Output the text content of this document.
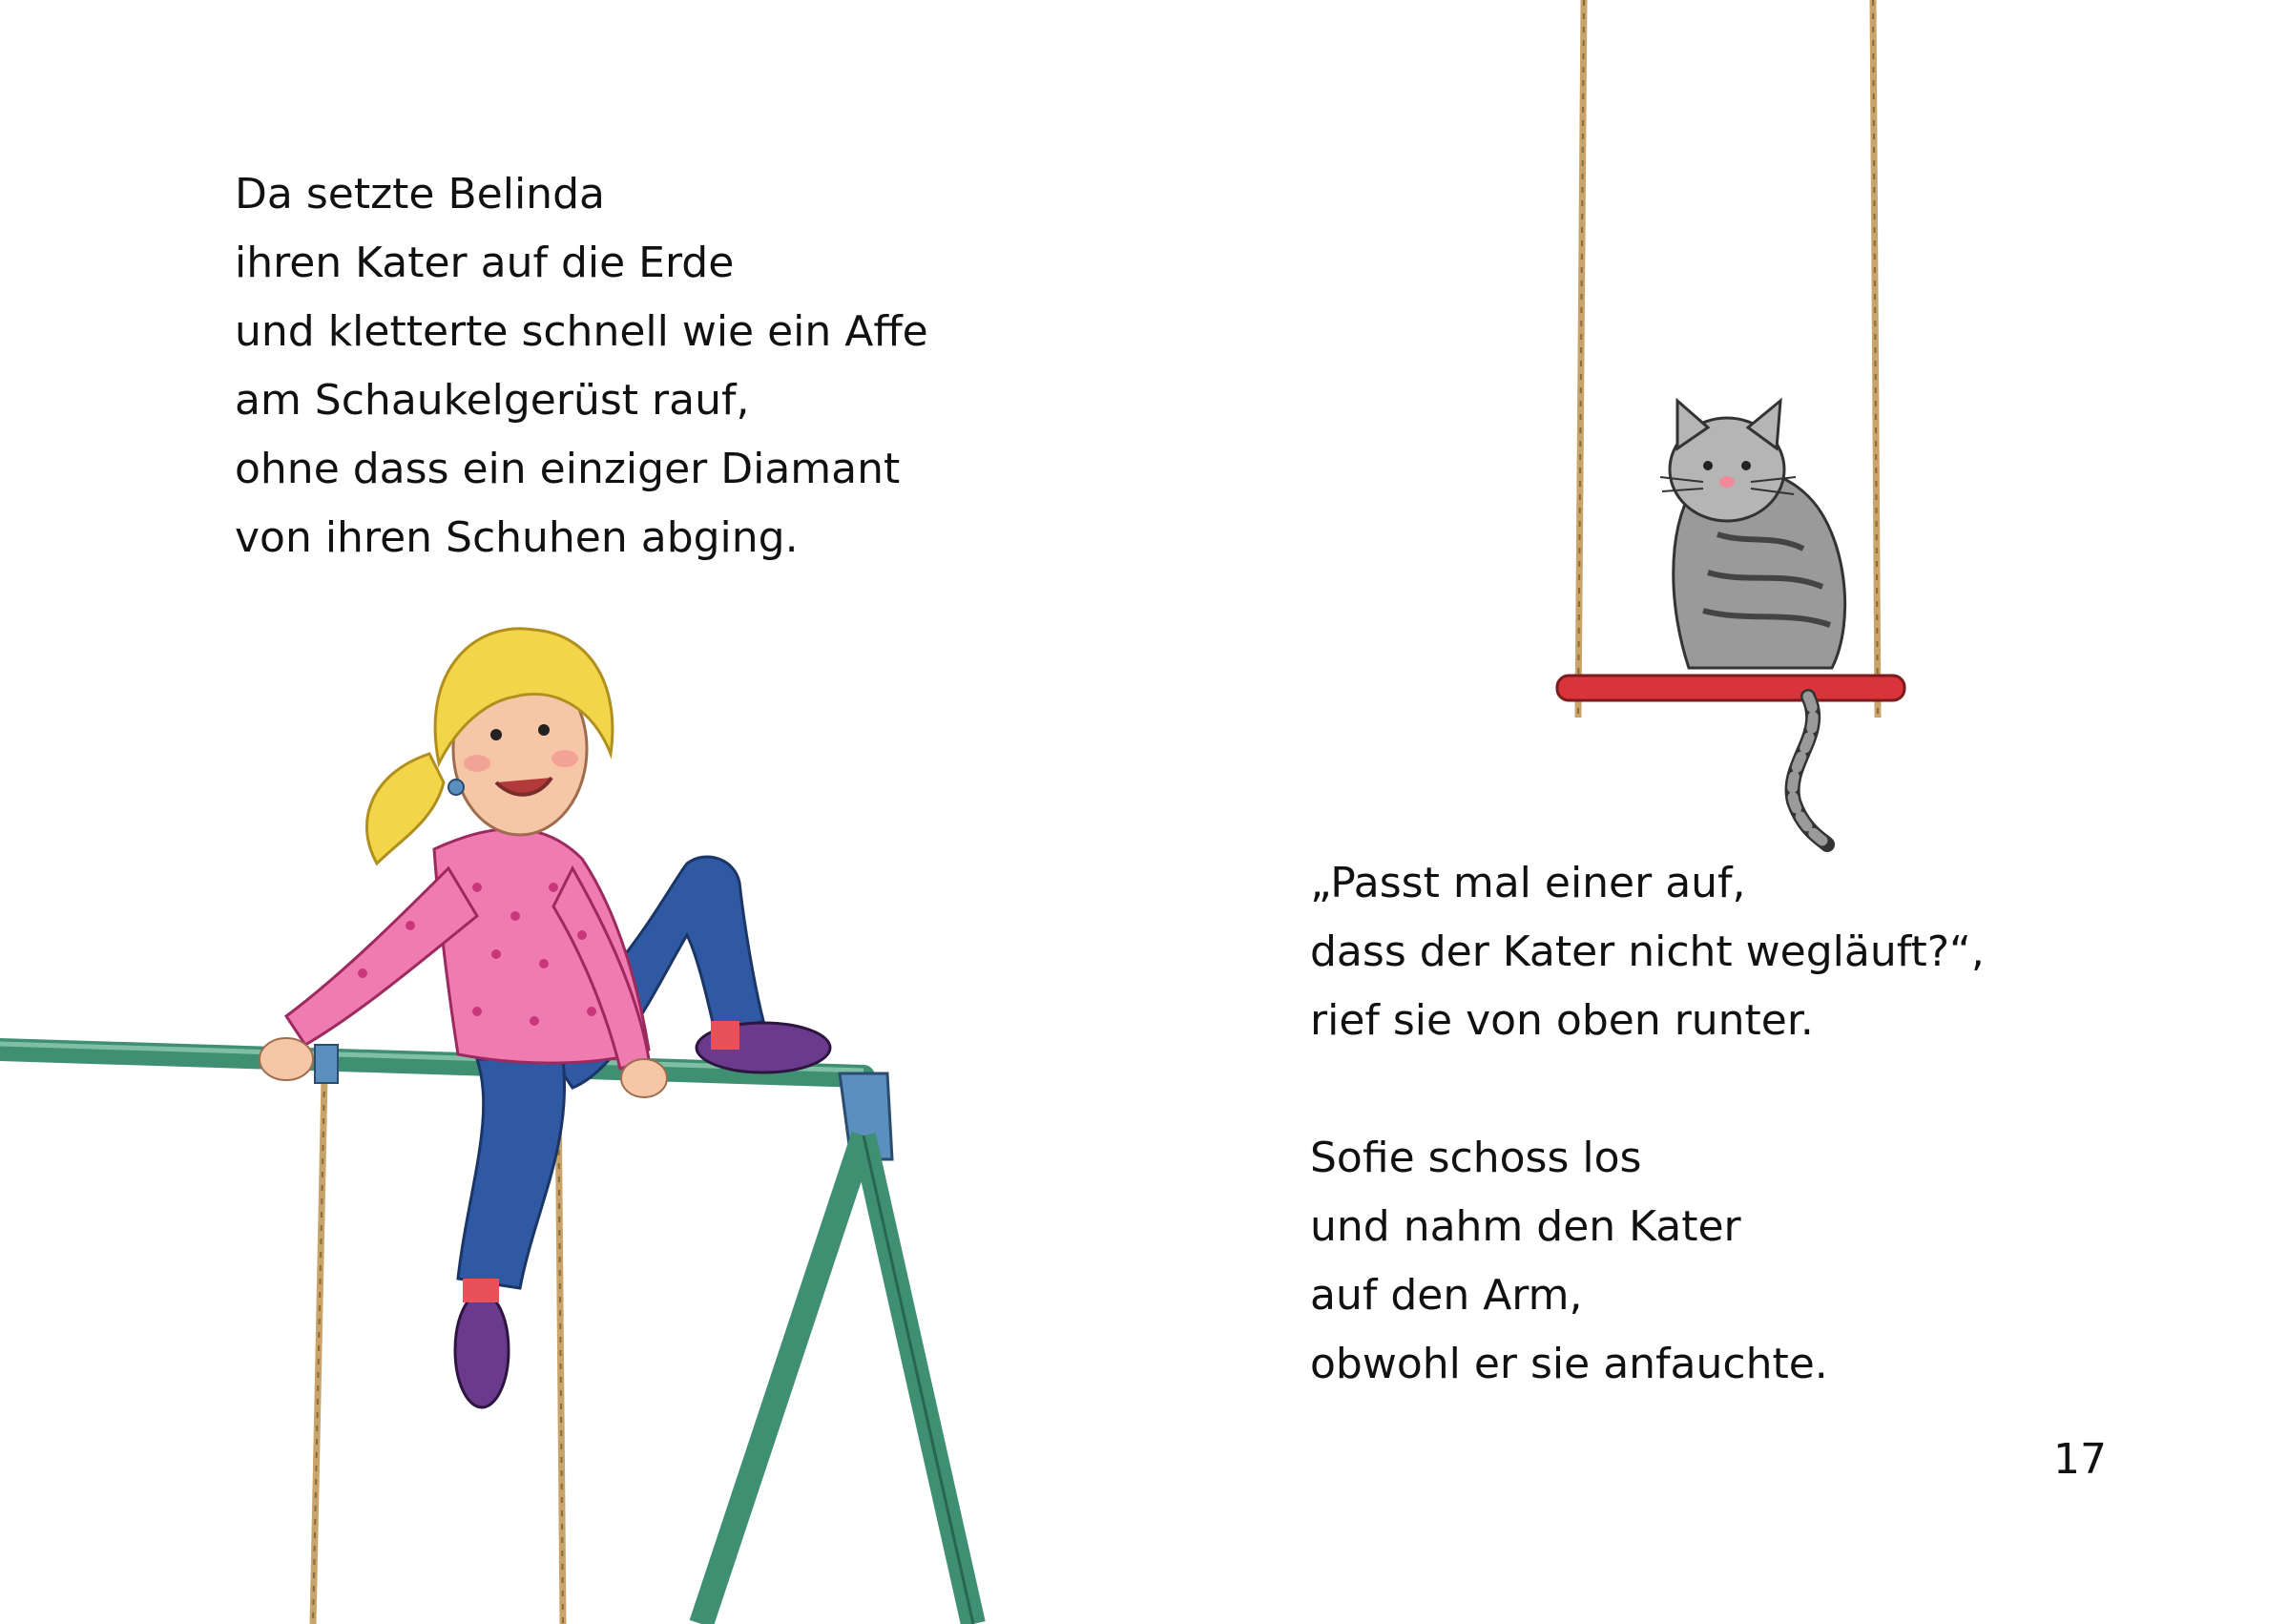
Da setzte Belinda
ihren Kater auf die Erde
und kletterte schnell wie ein Affe
am Schaukelgerüst rauf,
ohne dass ein einziger Diamant
von ihren Schuhen abging.
„Passt mal einer auf,
dass der Kater nicht wegläuft?“,
rief sie von oben runter.
Sofie schoss los
und nahm den Kater
auf den Arm,
obwohl er sie anfauchte.
17
